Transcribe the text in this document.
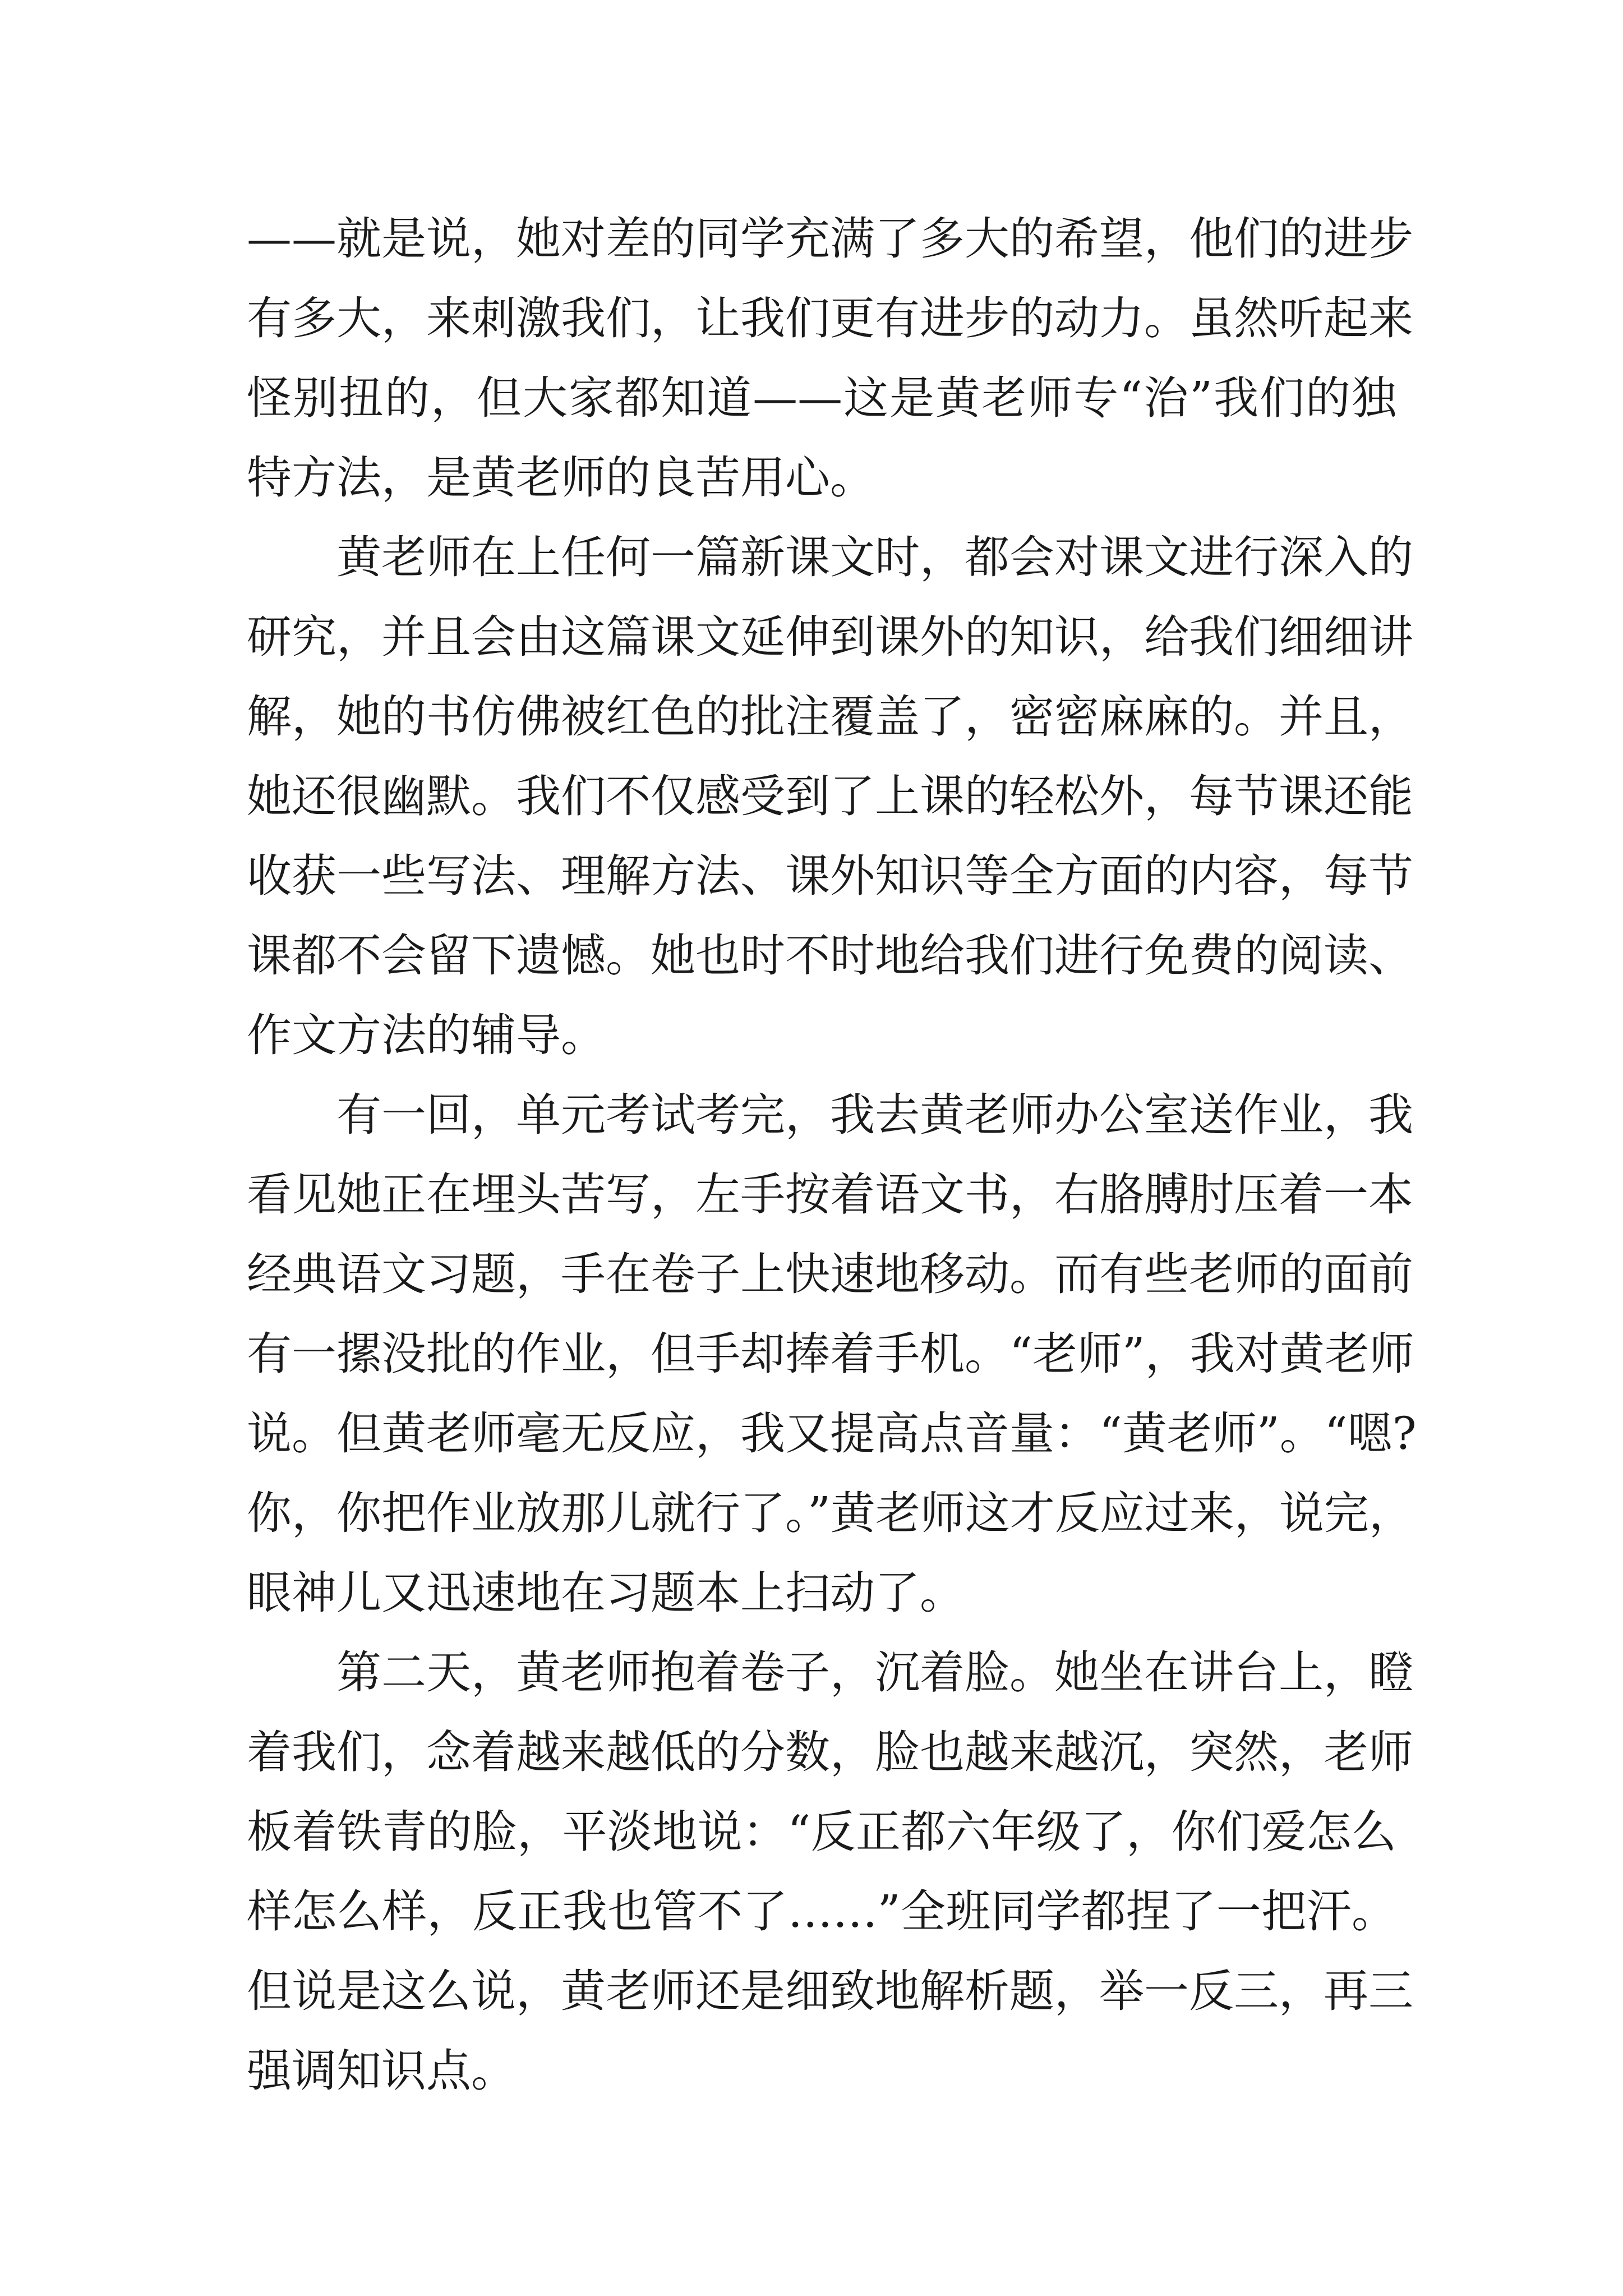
——就是说，她对差的同学充满了多大的希望，他们的进步
有多大，来刺激我们，让我们更有进步的动力。虽然听起来
怪别扭的，但大家都知道——这是黄老师专“治”我们的独
特方法，是黄老师的良苦用心。
黄老师在上任何一篇新课文时，都会对课文进行深入的
研究，并且会由这篇课文延伸到课外的知识，给我们细细讲
解，她的书仿佛被红色的批注覆盖了，密密麻麻的。并且，
她还很幽默。我们不仅感受到了上课的轻松外，每节课还能
收获一些写法、理解方法、课外知识等全方面的内容，每节
课都不会留下遗憾。她也时不时地给我们进行免费的阅读、
作文方法的辅导。
有一回，单元考试考完，我去黄老师办公室送作业，我
看见她正在埋头苦写，左手按着语文书，右胳膊肘压着一本
经典语文习题，手在卷子上快速地移动。而有些老师的面前
有一摞没批的作业，但手却捧着手机。“老师”，我对黄老师
说。但黄老师毫无反应，我又提高点音量：“黄老师”。“嗯?
你，你把作业放那儿就行了。”黄老师这才反应过来，说完，
眼神儿又迅速地在习题本上扫动了。
第二天，黄老师抱着卷子，沉着脸。她坐在讲台上，瞪
着我们，念着越来越低的分数，脸也越来越沉，突然，老师
板着铁青的脸，平淡地说：“反正都六年级了，你们爱怎么
样怎么样，反正我也管不了……”全班同学都捏了一把汗。
但说是这么说，黄老师还是细致地解析题，举一反三，再三
强调知识点。
